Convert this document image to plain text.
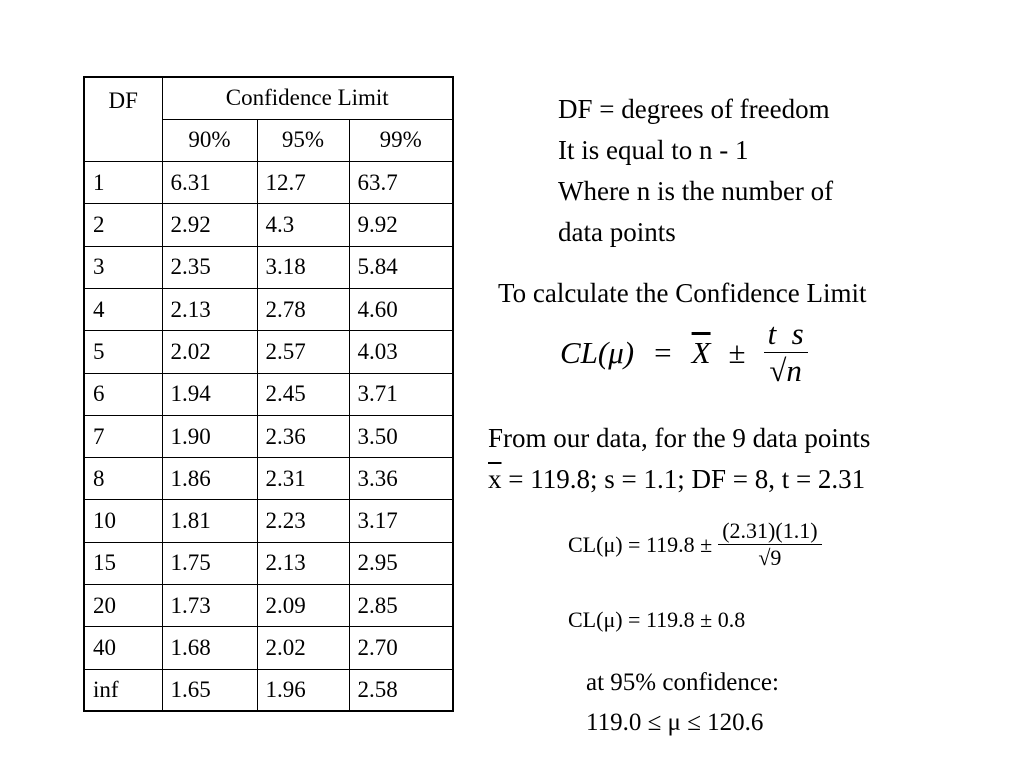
DF	Confidence Limit		
	90%	95%	99%
1	6.31	12.7	63.7
2	2.92	4.3	9.92
3	2.35	3.18	5.84
4	2.13	2.78	4.60
5	2.02	2.57	4.03
6	1.94	2.45	3.71
7	1.90	2.36	3.50
8	1.86	2.31	3.36
10	1.81	2.23	3.17
15	1.75	2.13	2.95
20	1.73	2.09	2.85
40	1.68	2.02	2.70
inf	1.65	1.96	2.58
DF = degrees of freedom
It is equal to n - 1
Where n is the number of
data points
To calculate the Confidence Limit
$CL(\mu) = \overline{X} \pm \frac{\text{t  s}}{√n}$
From our data, for the 9 data points
$\overline{x} = 119.8$; s = 1.1; DF = 8, t = 2.31
$CL(\mu) = 119.8 \pm \frac{(2.31)(1.1)}{√9}$
CL(μ) = 119.8 ± 0.8
at 95% confidence:
119.0 ≤ μ ≤ 120.6
